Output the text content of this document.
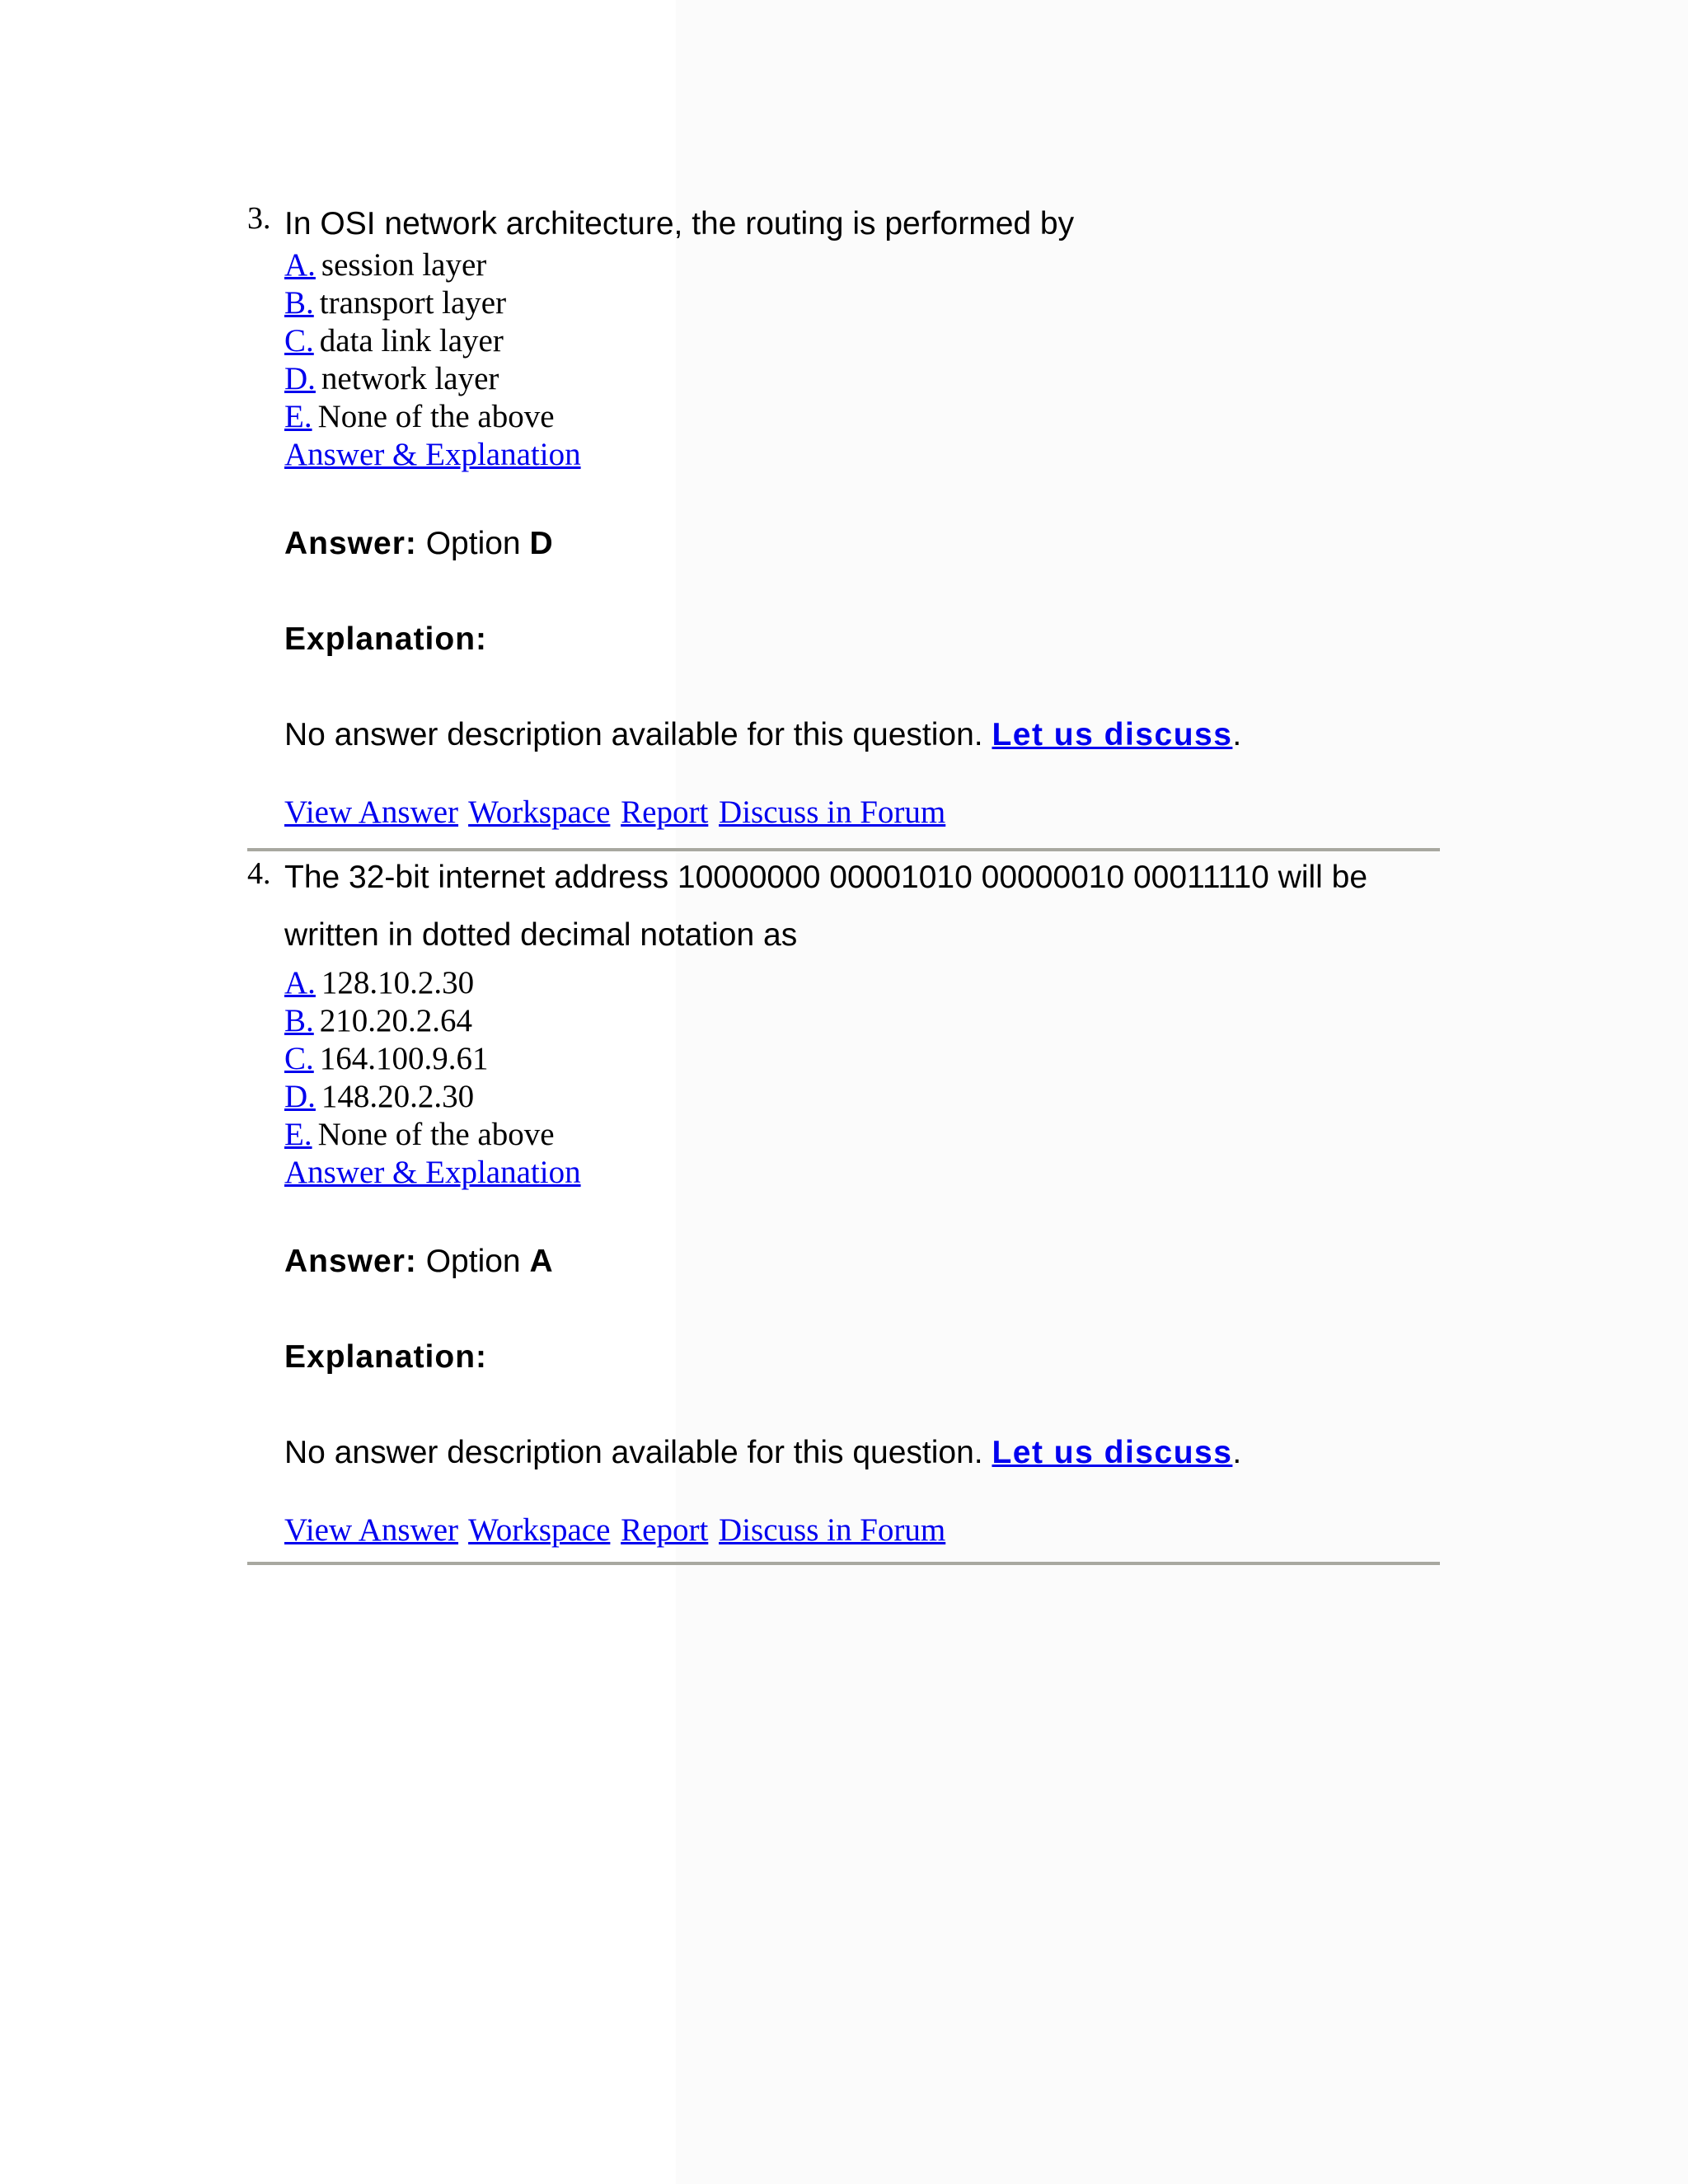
3. In OSI network architecture, the routing is performed by
A. session layer
B. transport layer
C. data link layer
D. network layer
E. None of the above
Answer & Explanation
Answer: Option D
Explanation:
No answer description available for this question. Let us discuss.
View Answer Workspace Report Discuss in Forum
4. The 32-bit internet address 10000000 00001010 00000010 00011110 will be
written in dotted decimal notation as
A. 128.10.2.30
B. 210.20.2.64
C. 164.100.9.61
D. 148.20.2.30
E. None of the above
Answer & Explanation
Answer: Option A
Explanation:
No answer description available for this question. Let us discuss.
View Answer Workspace Report Discuss in Forum
